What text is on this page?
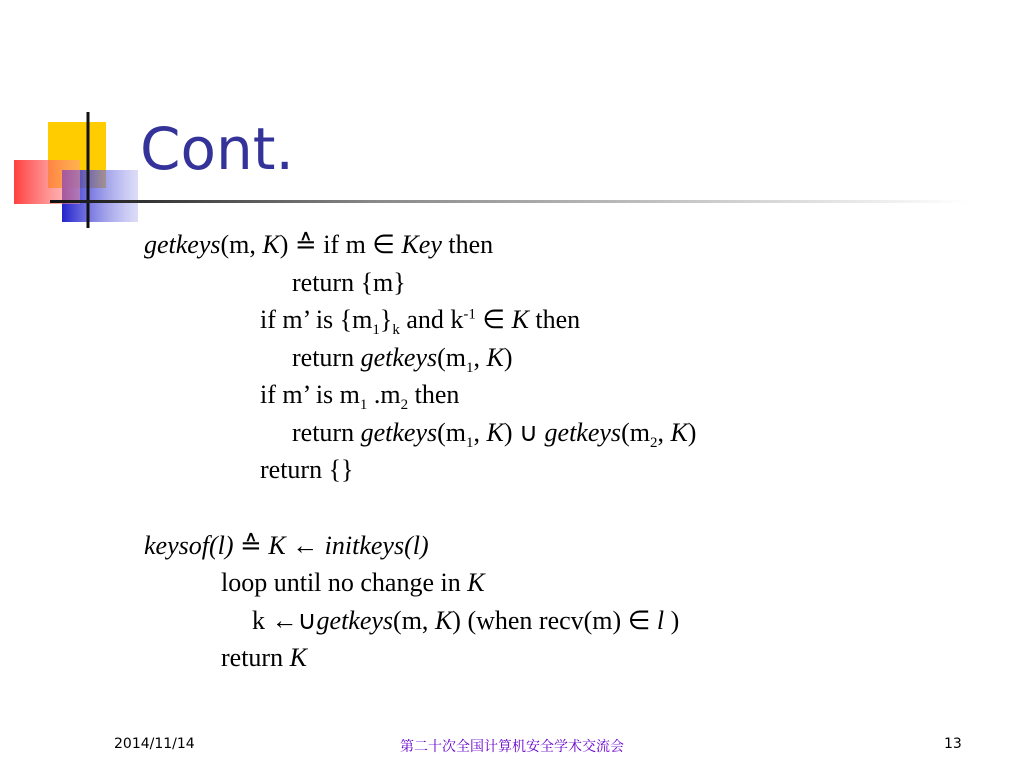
Cont.
getkeys(m, K) ≙ if m ∈ Key then
return {m}
if m’ is $\{m_1\}_k$ and $k^{-1}$ ∈ K then
return $getkeys(m_1$, K)
if m’ is $m_1$ $.m_2$ then
return $getkeys(m_1$, K) ∪ $getkeys(m_2$, K)
return {}
keysof(l) ≙ K ← initkeys(l)
loop until no change in K
k ←∪getkeys(m, K) (when recv(m) ∈ l )
return K
2014/11/14	第二十次全国计算机安全学术交流会	13
